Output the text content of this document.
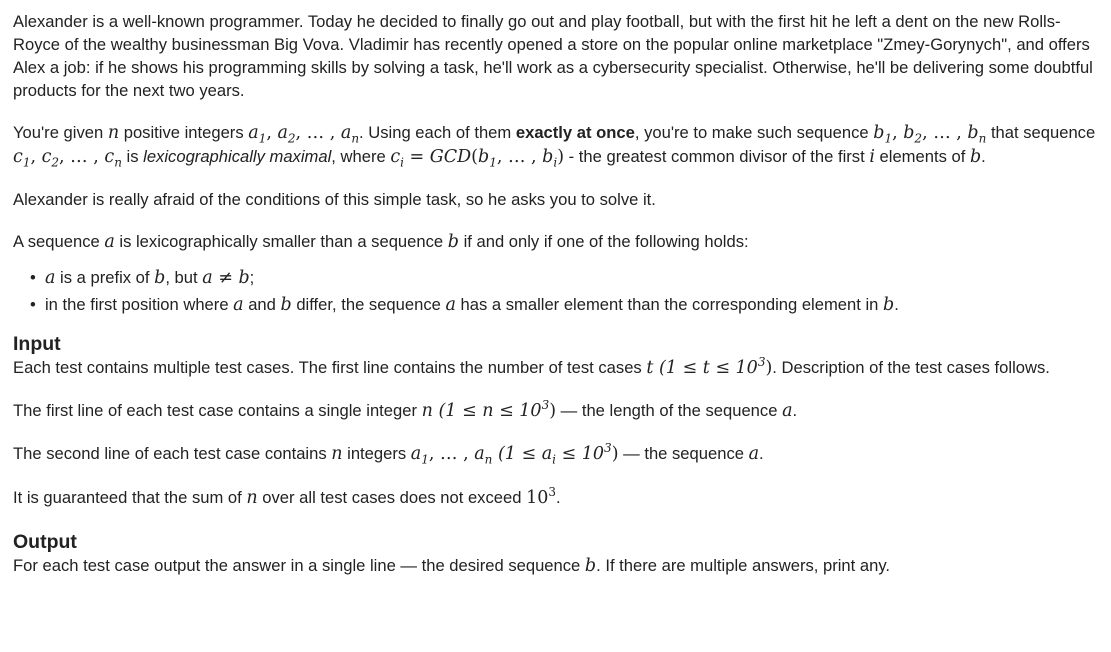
Alexander is a well-known programmer. Today he decided to finally go out and play football, but with the first hit he left a dent on the new Rolls-Royce of the wealthy businessman Big Vova. Vladimir has recently opened a store on the popular online marketplace "Zmey-Gorynych", and offers Alex a job: if he shows his programming skills by solving a task, he'll work as a cybersecurity specialist. Otherwise, he'll be delivering some doubtful products for the next two years.

You're given n positive integers $a_1$, $a_2$, … , $a_n$. Using each of them exactly at once, you're to make such sequence $b_1$, $b_2$, … , $b_n$ that sequence $c_1$, $c_2$, … , $c_n$ is lexicographically maximal, where $c_i = GCD(b_1$, … , $b_i$) - the greatest common divisor of the first i elements of b.

Alexander is really afraid of the conditions of this simple task, so he asks you to solve it.

A sequence a is lexicographically smaller than a sequence b if and only if one of the following holds:

• a is a prefix of b, but a ≠ b;
• in the first position where a and b differ, the sequence a has a smaller element than the corresponding element in b.
Input

Each test contains multiple test cases. The first line contains the number of test cases t $(1 \le t \le 10^3)$. Description of the test cases follows.

The first line of each test case contains a single integer n $(1 \le n \le 10^3)$ — the length of the sequence a.

The second line of each test case contains n integers $a_1$, … , $a_n$ $(1 \le a_i \le 10^3)$ — the sequence a.

It is guaranteed that the sum of n over all test cases does not exceed $10^3$.

Output

For each test case output the answer in a single line — the desired sequence b. If there are multiple answers, print any.
